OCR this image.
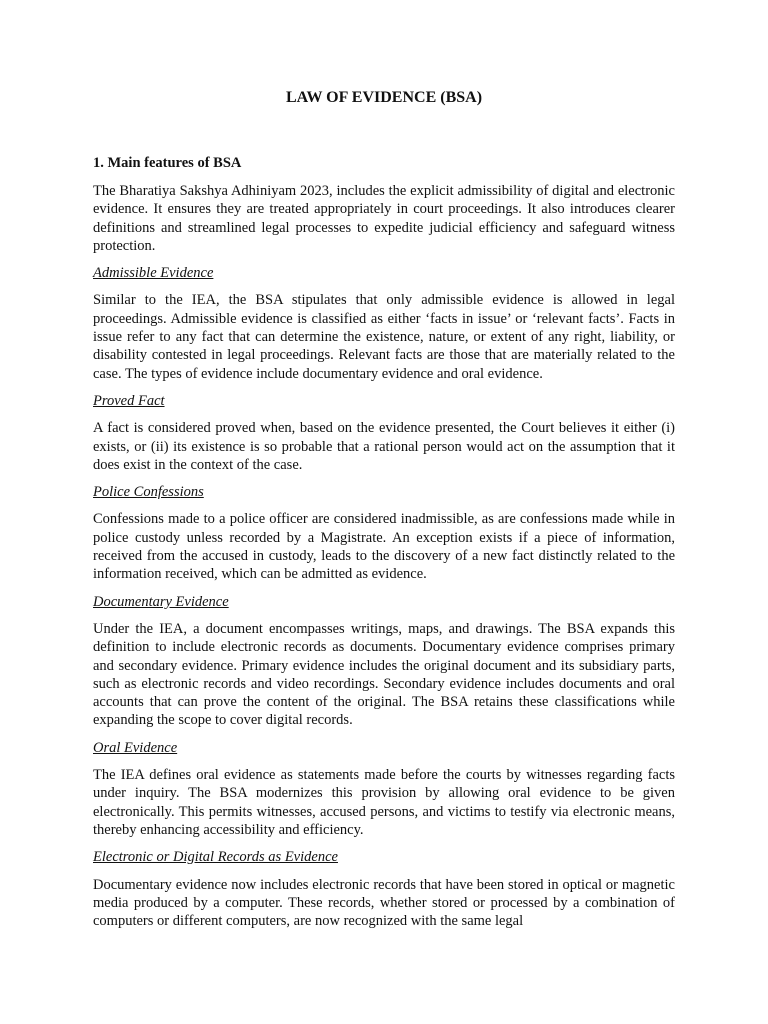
LAW OF EVIDENCE (BSA)
1. Main features of BSA

The Bharatiya Sakshya Adhiniyam 2023, includes the explicit admissibility of digital and electronic evidence. It ensures they are treated appropriately in court proceedings. It also introduces clearer definitions and streamlined legal processes to expedite judicial efficiency and safeguard witness protection.

Admissible Evidence

Similar to the IEA, the BSA stipulates that only admissible evidence is allowed in legal proceedings. Admissible evidence is classified as either ‘facts in issue’ or ‘relevant facts’. Facts in issue refer to any fact that can determine the existence, nature, or extent of any right, liability, or disability contested in legal proceedings. Relevant facts are those that are materially related to the case. The types of evidence include documentary evidence and oral evidence.

Proved Fact

A fact is considered proved when, based on the evidence presented, the Court believes it either (i) exists, or (ii) its existence is so probable that a rational person would act on the assumption that it does exist in the context of the case.

Police Confessions

Confessions made to a police officer are considered inadmissible, as are confessions made while in police custody unless recorded by a Magistrate. An exception exists if a piece of information, received from the accused in custody, leads to the discovery of a new fact distinctly related to the information received, which can be admitted as evidence.

Documentary Evidence

Under the IEA, a document encompasses writings, maps, and drawings. The BSA expands this definition to include electronic records as documents. Documentary evidence comprises primary and secondary evidence. Primary evidence includes the original document and its subsidiary parts, such as electronic records and video recordings. Secondary evidence includes documents and oral accounts that can prove the content of the original. The BSA retains these classifications while expanding the scope to cover digital records.

Oral Evidence

The IEA defines oral evidence as statements made before the courts by witnesses regarding facts under inquiry. The BSA modernizes this provision by allowing oral evidence to be given electronically. This permits witnesses, accused persons, and victims to testify via electronic means, thereby enhancing accessibility and efficiency.

Electronic or Digital Records as Evidence

Documentary evidence now includes electronic records that have been stored in optical or magnetic media produced by a computer. These records, whether stored or processed by a combination of computers or different computers, are now recognized with the same legal
